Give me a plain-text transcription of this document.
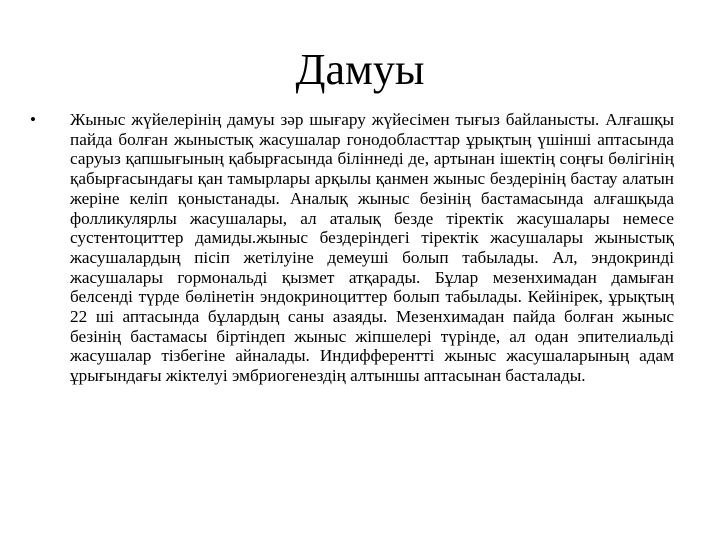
Дамуы
•	Жыныс жүйелерінің дамуы зәр шығару жүйесімен тығыз байланысты. Алғашқы пайда болған жыныстық жасушалар гонодобласттар ұрықтың үшінші аптасында саруыз қапшығының қабырғасында біліннеді де, артынан ішектің соңғы бөлігінің қабырғасындағы қан тамырлары арқылы қанмен жыныс бездерінің бастау алатын жеріне келіп қоныстанады. Аналық жыныс безінің бастамасында алғашқыда фолликулярлы жасушалары, ал аталық безде тіректік жасушалары немесе сустентоциттер дамиды.жыныс бездеріндегі тіректік жасушалары жыныстық жасушалардың пісіп жетілуіне демеуші болып табылады. Ал, эндокринді жасушалары гормональді қызмет атқарады. Бұлар мезенхимадан дамыған белсенді түрде бөлінетін эндокриноциттер болып табылады. Кейінірек, ұрықтың 22 ші аптасында бұлардың саны азаяды. Мезенхимадан пайда болған жыныс безінің бастамасы біртіндеп жыныс жіпшелері түрінде, ал одан эпителиальді жасушалар тізбегіне айналады. Индифферентті жыныс жасушаларының адам ұрығындағы жіктелуі эмбриогенездің алтыншы аптасынан басталады.
